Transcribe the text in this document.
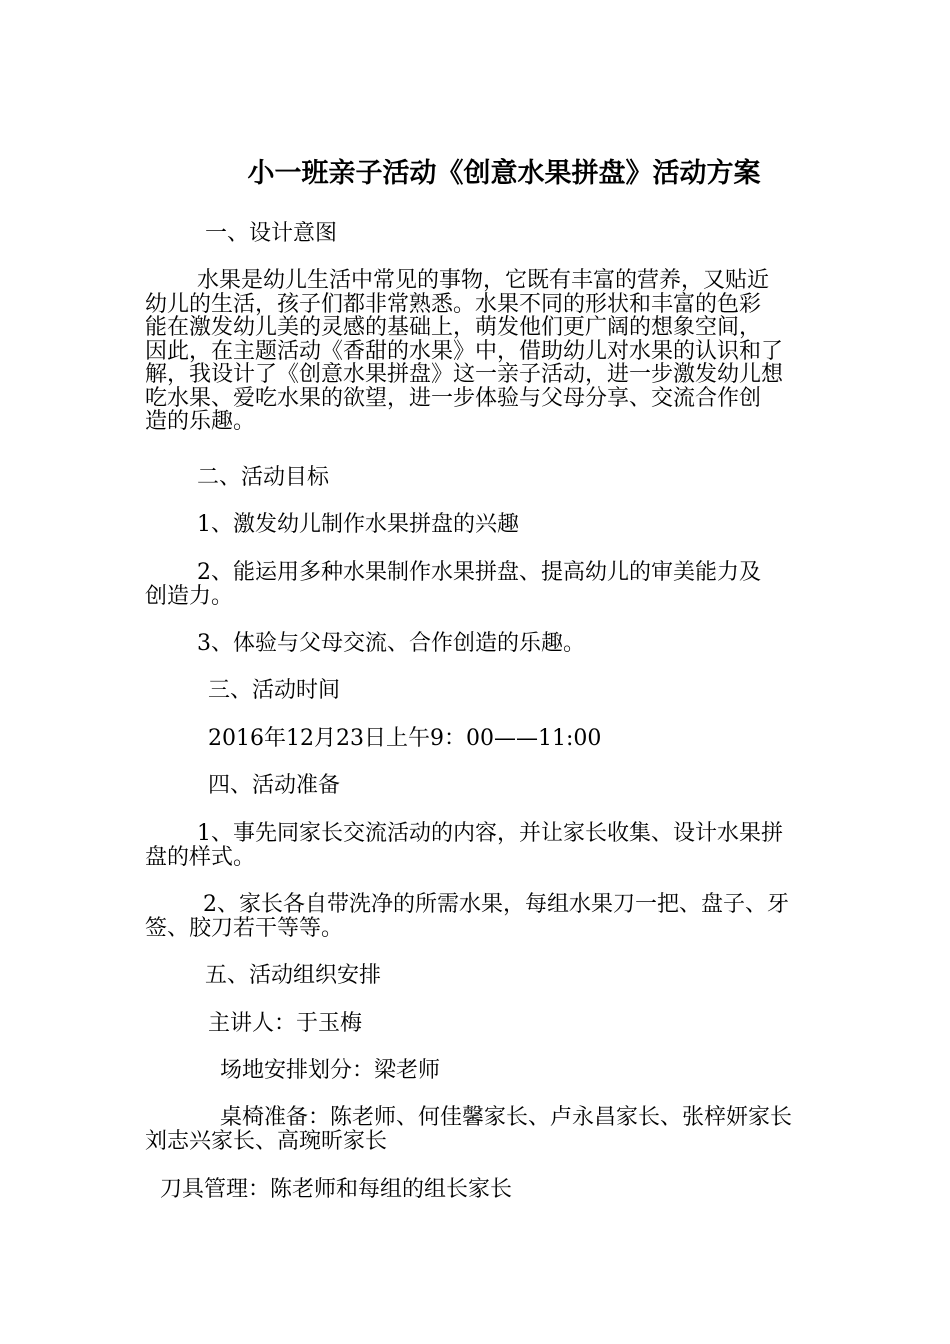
小一班亲子活动《创意水果拼盘》活动方案

一、设计意图

水果是幼儿生活中常见的事物，它既有丰富的营养，又贴近
幼儿的生活，孩子们都非常熟悉。水果不同的形状和丰富的色彩
能在激发幼儿美的灵感的基础上，萌发他们更广阔的想象空间，
因此，在主题活动《香甜的水果》中，借助幼儿对水果的认识和了
解，我设计了《创意水果拼盘》这一亲子活动，进一步激发幼儿想
吃水果、爱吃水果的欲望，进一步体验与父母分享、交流合作创
造的乐趣。

二、活动目标

1、激发幼儿制作水果拼盘的兴趣

2、能运用多种水果制作水果拼盘、提高幼儿的审美能力及
创造力。

3、体验与父母交流、合作创造的乐趣。

三、活动时间

2016年12月23日上午9：00——11:00

四、活动准备

1、事先同家长交流活动的内容，并让家长收集、设计水果拼
盘的样式。
2、家长各自带洗净的所需水果，每组水果刀一把、盘子、牙
签、胶刀若干等等。

五、活动组织安排

主讲人：于玉梅

场地安排划分：梁老师

桌椅准备：陈老师、何佳馨家长、卢永昌家长、张梓妍家长
刘志兴家长、高琬昕家长

刀具管理：陈老师和每组的组长家长
